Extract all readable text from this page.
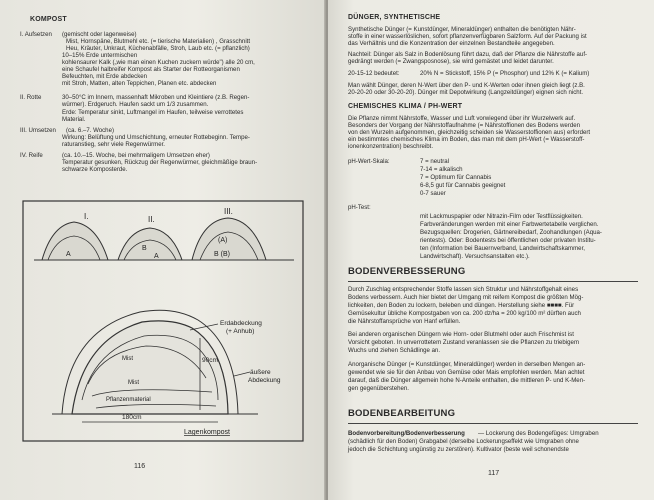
KOMPOST
I. Aufsetzen (gemischt oder lagenweise)
Mist, Hornspäne, Blutmehl etc. (= tierische Materialien) , Grasschnitt
Heu, Kräuter, Unkraut, Küchenabfälle, Stroh, Laub etc. (= pflanzlich)
10–15% Erde untermischen
kohlensaurer Kalk („wie man einen Kuchen zuckern würde") alle 20 cm,
eine Schaufel halbreifer Kompost als Starter der Rotteorganismen
Befeuchten, mit Erde abdecken
mit Stroh, Matten, alten Teppichen, Planen etc. abdecken
II. Rotte	30–50°C im Innern, massenhaft Mikroben und Kleintiere (z.B. Regen-
würmer). Erdgeruch. Haufen sackt um 1/3 zusammen.
Erde: Temperatur sinkt, Luftmangel im Haufen, teilweise verrottetes
Material.
III. Umsetzen (ca. 6.–7. Woche)
Wirkung: Belüftung und Umschichtung, erneuter Rottebeginn. Tempe-
raturanstieg, sehr viele Regenwürmer.
IV. Reife	(ca. 10.–15. Woche, bei mehrmaligem Umsetzen eher)
Temperatur gesunken, Rückzug der Regenwürmer, gleichmäßige braun-
schwarze Komposterde.
I.	II.
III.
A
B
A
(A)
B (B)
Mist
Mist
Pflanzenmaterial
Erdabdeckung
(+ Anhub)
90cm
äußere
Abdeckung
180cm
Lagenkompost
116
DÜNGER, SYNTHETISCHE
Synthetische Dünger (= Kunstdünger, Mineraldünger) enthalten die benötigten Nähr-
stoffe in einer wasserlöslichen, sofort pflanzenverfügbaren Salzform. Auf der Packung ist
das Verhältnis und die Konzentration der einzelnen Bestandteile angegeben.
Nachteil: Dünger als Salz in Bodenlösung führt dazu, daß der Pflanze die Nährstoffe auf-
gedrängt werden (= Zwangsposnose), sie wird gemästet und leidet darunter.
20-15-12 bedeutet:	20% N = Stickstoff, 15% P (= Phosphor) und 12% K (= Kalium)
Man wählt Dünger, deren N-Wert über den P- und K-Werten oder ihnen gleich liegt (z.B.
20-20-20 oder 30-20-20). Dünger mit Depotwirkung (Langzeitdünger) eignen sich nicht.
CHEMISCHES KLIMA / PH-WERT
Die Pflanze nimmt Nährstoffe, Wasser und Luft vorwiegend über ihr Wurzelwerk auf.
Besonders der Vorgang der Nährstoffaufnahme (= Nährstoffionen des Bodens werden
von den Wurzeln aufgenommen, gleichzeitig scheiden sie Wasserstoffionen aus) erfordert
ein bestimmtes chemisches Klima im Boden, das man mit dem pH-Wert (= Wasserstoff-
ionenkonzentration) beschreibt.
pH-Wert-Skala:	7 = neutral
7-14 = alkalisch
7 = Optimum für Cannabis
6-8,5 gut für Cannabis geeignet
0-7 sauer
pH-Test:
mit Lackmuspapier oder Nitrazin-Film oder Testflüssigkeiten.
Farbveränderungen werden mit einer Farbwertetabelle verglichen.
Bezugsquellen: Drogerien, Gärtnereibedarf, Zoohandlungen (Aqua-
rientests). Oder: Bodentests bei öffentlichen oder privaten Institu-
ten (Information bei Bauernverband, Landwirtschaftskammer,
Landwirtschaft). Versuchsanstalten etc.).
BODENVERBESSERUNG
Durch Zuschlag entsprechender Stoffe lassen sich Struktur und Nährstoffgehalt eines
Bodens verbessern. Auch hier bietet der Umgang mit reifem Kompost die größten Mög-
lichkeiten, den Boden zu lockern, beleben und düngen. Herstellung siehe ■■■■. Für
Gemüsekultur übliche Kompostgaben von ca. 200 dz/ha = 200 kg/100 m² dürften auch
die Nährstoffansprüche von Hanf erfüllen.
Bei anderen organischen Düngern wie Horn- oder Blutmehl oder auch Frischmist ist
Vorsicht geboten. In unverrottetem Zustand veranlassen sie die Pflanzen zu triebigem
Wuchs und ziehen Schädlinge an.
Anorganische Dünger (= Kunstdünger, Mineraldünger) werden in derselben Mengen an-
gewendet wie sie für den Anbau von Gemüse oder Mais empfohlen werden. Man achtet
darauf, daß die Dünger allgemein hohe N-Anteile enthalten, die mittleren P- und K-Men-
gen gegenüberstehen.
BODENBEARBEITUNG
Bodenvorbereitung/Bodenverbesserung — Lockerung des Bodengefüges: Umgraben
(schädlich für den Boden) Grabgabel (derselbe Lockerungseffekt wie Umgraben ohne
jedoch die Schichtung ungünstig zu zerstören). Kultivator (beste weil schonendste
117
